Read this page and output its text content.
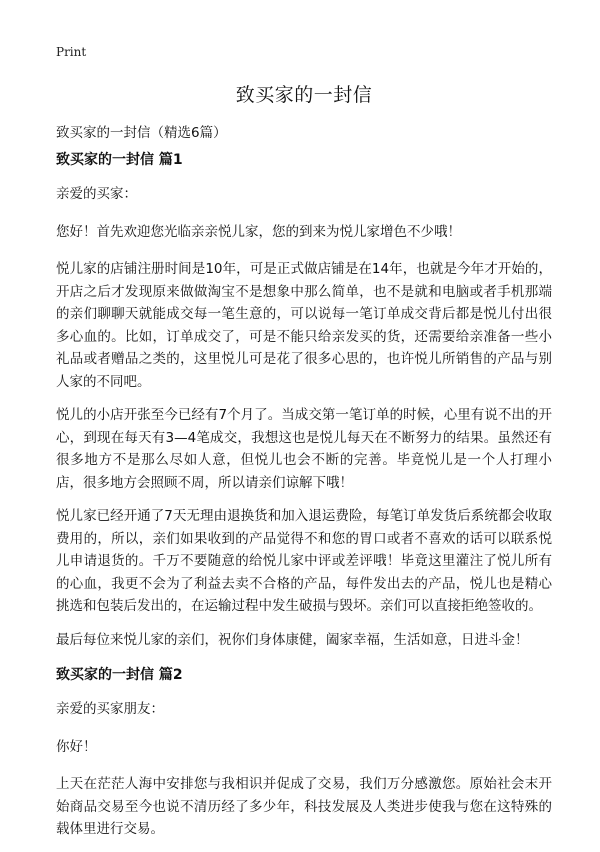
Print
致买家的一封信

致买家的一封信（精选6篇）

致买家的一封信 篇1

亲爱的买家：

您好！首先欢迎您光临亲亲悦儿家，您的到来为悦儿家增色不少哦！

悦儿家的店铺注册时间是10年，可是正式做店铺是在14年，也就是今年才开始的，开店之后才发现原来做做淘宝不是想象中那么简单，也不是就和电脑或者手机那端的亲们聊聊天就能成交每一笔生意的，可以说每一笔订单成交背后都是悦儿付出很多心血的。比如，订单成交了，可是不能只给亲发买的货，还需要给亲准备一些小礼品或者赠品之类的，这里悦儿可是花了很多心思的，也许悦儿所销售的产品与别人家的不同吧。

悦儿的小店开张至今已经有7个月了。当成交第一笔订单的时候，心里有说不出的开心，到现在每天有3—4笔成交，我想这也是悦儿每天在不断努力的结果。虽然还有很多地方不是那么尽如人意，但悦儿也会不断的完善。毕竟悦儿是一个人打理小店，很多地方会照顾不周，所以请亲们谅解下哦！

悦儿家已经开通了7天无理由退换货和加入退运费险，每笔订单发货后系统都会收取费用的，所以，亲们如果收到的产品觉得不和您的胃口或者不喜欢的话可以联系悦儿申请退货的。千万不要随意的给悦儿家中评或差评哦！毕竟这里灌注了悦儿所有的心血，我更不会为了利益去卖不合格的产品，每件发出去的产品，悦儿也是精心挑选和包装后发出的，在运输过程中发生破损与毁坏。亲们可以直接拒绝签收的。

最后每位来悦儿家的亲们，祝你们身体康健，阖家幸福，生活如意，日进斗金！

致买家的一封信 篇2

亲爱的买家朋友：

你好！

上天在茫茫人海中安排您与我相识并促成了交易，我们万分感激您。原始社会末开始商品交易至今也说不清历经了多少年，科技发展及人类进步使我与您在这特殊的载体里进行交易。
